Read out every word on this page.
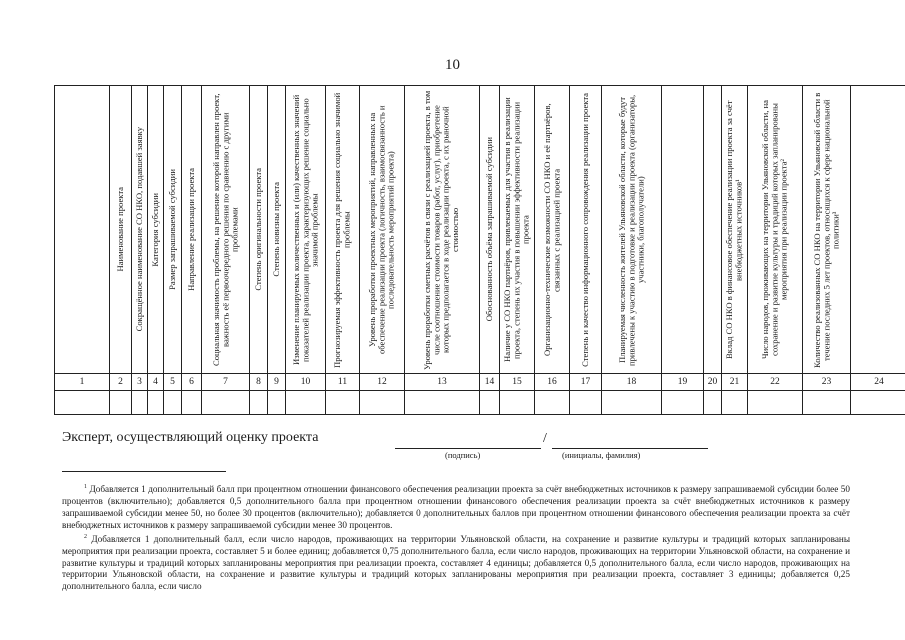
10

	Наименование проекта	Сокращённое наименование СО НКО, подавшей заявку	Категория субсидии	Размер запрашиваемой субсидии	Направление реализации проекта	Социальная значимость проблемы, на решение которой направлен проект, важность её первоочередного решения по сравнению с другими проблемами	Степень оригинальности проекта	Степень новизны проекта	Изменение планируемых количественных и (или) качественных значений показателей реализации проекта, характеризующих решение социально значимой проблемы	Прогнозируемая эффективность проекта для решения социально значимой проблемы	Уровень проработки проектных мероприятий, направленных на обеспечение реализации проекта (логичность, взаимосвязанность и последовательность мероприятий проекта)	Уровень проработки сметных расчётов в связи с реализацией проекта, в том числе соотношение стоимости товаров (работ, услуг), приобретение которых предполагается в ходе реализации проекта, с их рыночной стоимостью	Обоснованность объёма запрашиваемой субсидии	Наличие у СО НКО партнёров, привлекаемых для участия в реализации проекта, степень их участия в повышении эффективности реализации проекта	Организационно-технические возможности СО НКО и её партнёров, связанных с реализацией проекта	Степень и качество информационного сопровождения реализации проекта	Планируемая численность жителей Ульяновской области, которые будут привлечены к участию в подготовке и реализации проекта (организаторы, участники, благополучатели)			Вклад СО НКО в финансовое обеспечение реализации проекта за счёт внебюджетных источников¹	Число народов, проживающих на территории Ульяновской области, на сохранение и развитие культуры и традиций которых запланированы мероприятия при реализации проекта²	Количество реализованных СО НКО на территории Ульяновской области в течение последних 5 лет проектов, относящихся к сфере национальной политики³	

1	2	3	4	5	6	7	8	9	10	11	12	13	14	15	16	17	18	19	20	21	22	23	24

Эксперт, осуществляющий оценку проекта	/
(подпись)	(инициалы, фамилия)

$^1$ Добавляется 1 дополнительный балл при процентном отношении финансового обеспечения реализации проекта за счёт внебюджетных источников к размеру запрашиваемой субсидии более 50 процентов (включительно); добавляется 0,5 дополнительного балла при процентном отношении финансового обеспечения реализации проекта за счёт внебюджетных источников к размеру запрашиваемой субсидии менее 50, но более 30 процентов (включительно); добавляется 0 дополнительных баллов при процентном отношении финансового обеспечения реализации проекта за счёт внебюджетных источников к размеру запрашиваемой субсидии менее 30 процентов.

$^2$ Добавляется 1 дополнительный балл, если число народов, проживающих на территории Ульяновской области, на сохранение и развитие культуры и традиций которых запланированы мероприятия при реализации проекта, составляет 5 и более единиц; добавляется 0,75 дополнительного балла, если число народов, проживающих на территории Ульяновской области, на сохранение и развитие культуры и традиций которых запланированы мероприятия при реализации проекта, составляет 4 единицы; добавляется 0,5 дополнительного балла, если число народов, проживающих на территории Ульяновской области, на сохранение и развитие культуры и традиций которых запланированы мероприятия при реализации проекта, составляет 3 единицы; добавляется 0,25 дополнительного балла, если число
